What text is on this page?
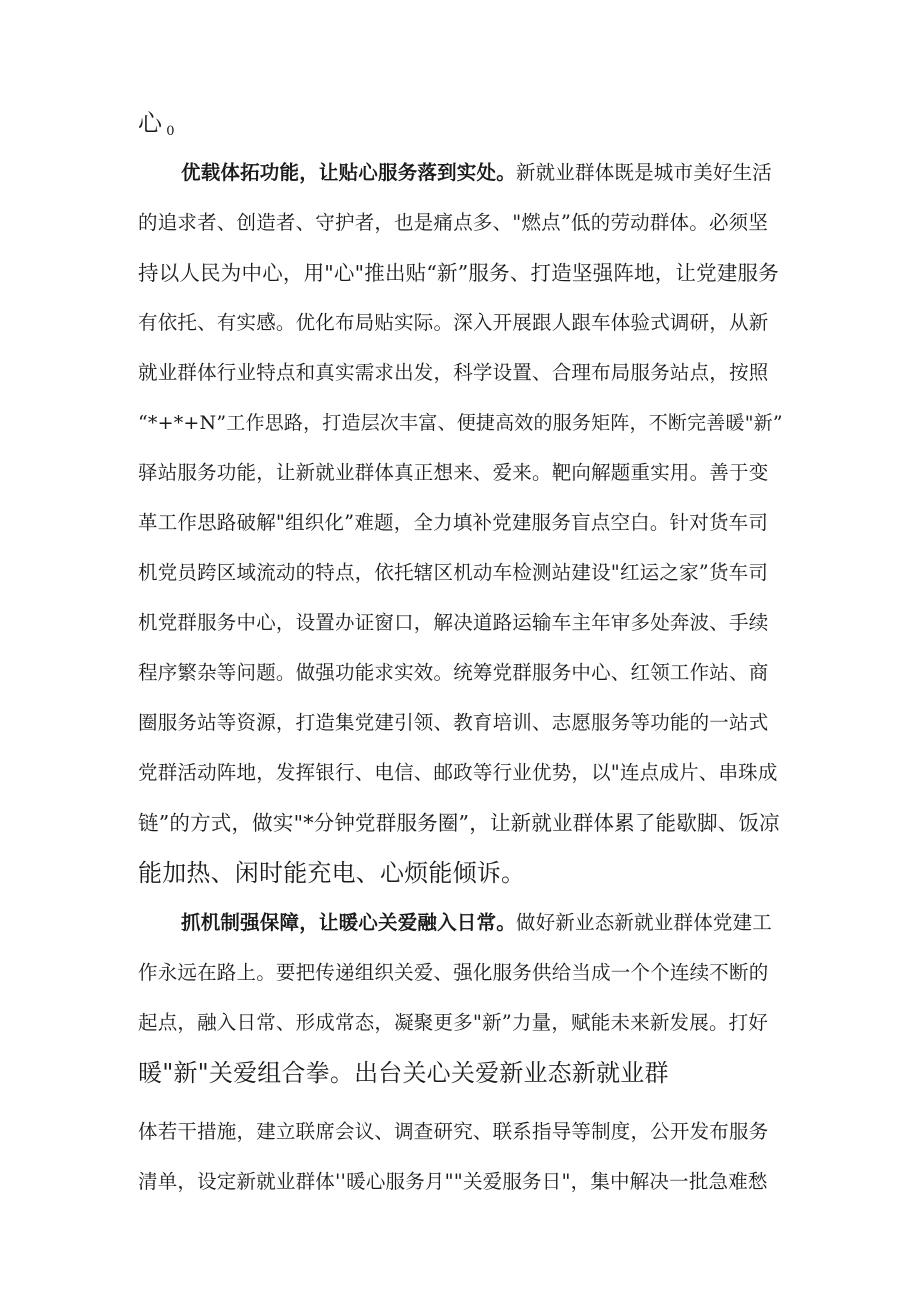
心 0
优载体拓功能，让贴心服务落到实处。新就业群体既是城市美好生活
的追求者、创造者、守护者，也是痛点多、"燃点”低的劳动群体。必须坚
持以人民为中心，用"心"推出贴“新”服务、打造坚强阵地，让党建服务
有依托、有实感。优化布局贴实际。深入开展跟人跟车体验式调研，从新
就业群体行业特点和真实需求出发，科学设置、合理布局服务站点，按照
“*+*+N”工作思路，打造层次丰富、便捷高效的服务矩阵，不断完善暖"新”
驿站服务功能，让新就业群体真正想来、爱来。靶向解题重实用。善于变
革工作思路破解"组织化”难题，全力填补党建服务盲点空白。针对货车司
机党员跨区域流动的特点，依托辖区机动车检测站建设"红运之家”货车司
机党群服务中心，设置办证窗口，解决道路运输车主年审多处奔波、手续
程序繁杂等问题。做强功能求实效。统筹党群服务中心、红领工作站、商
圈服务站等资源，打造集党建引领、教育培训、志愿服务等功能的一站式
党群活动阵地，发挥银行、电信、邮政等行业优势，以"连点成片、串珠成
链”的方式，做实"*分钟党群服务圈”，让新就业群体累了能歇脚、饭凉
能加热、闲时能充电、心烦能倾诉。
抓机制强保障，让暖心关爱融入日常。做好新业态新就业群体党建工
作永远在路上。要把传递组织关爱、强化服务供给当成一个个连续不断的
起点，融入日常、形成常态，凝聚更多"新”力量，赋能未来新发展。打好
暖"新"关爱组合拳。出台关心关爱新业态新就业群
体若干措施，建立联席会议、调查研究、联系指导等制度，公开发布服务
清单，设定新就业群体''暖心服务月""关爱服务日"，集中解决一批急难愁
